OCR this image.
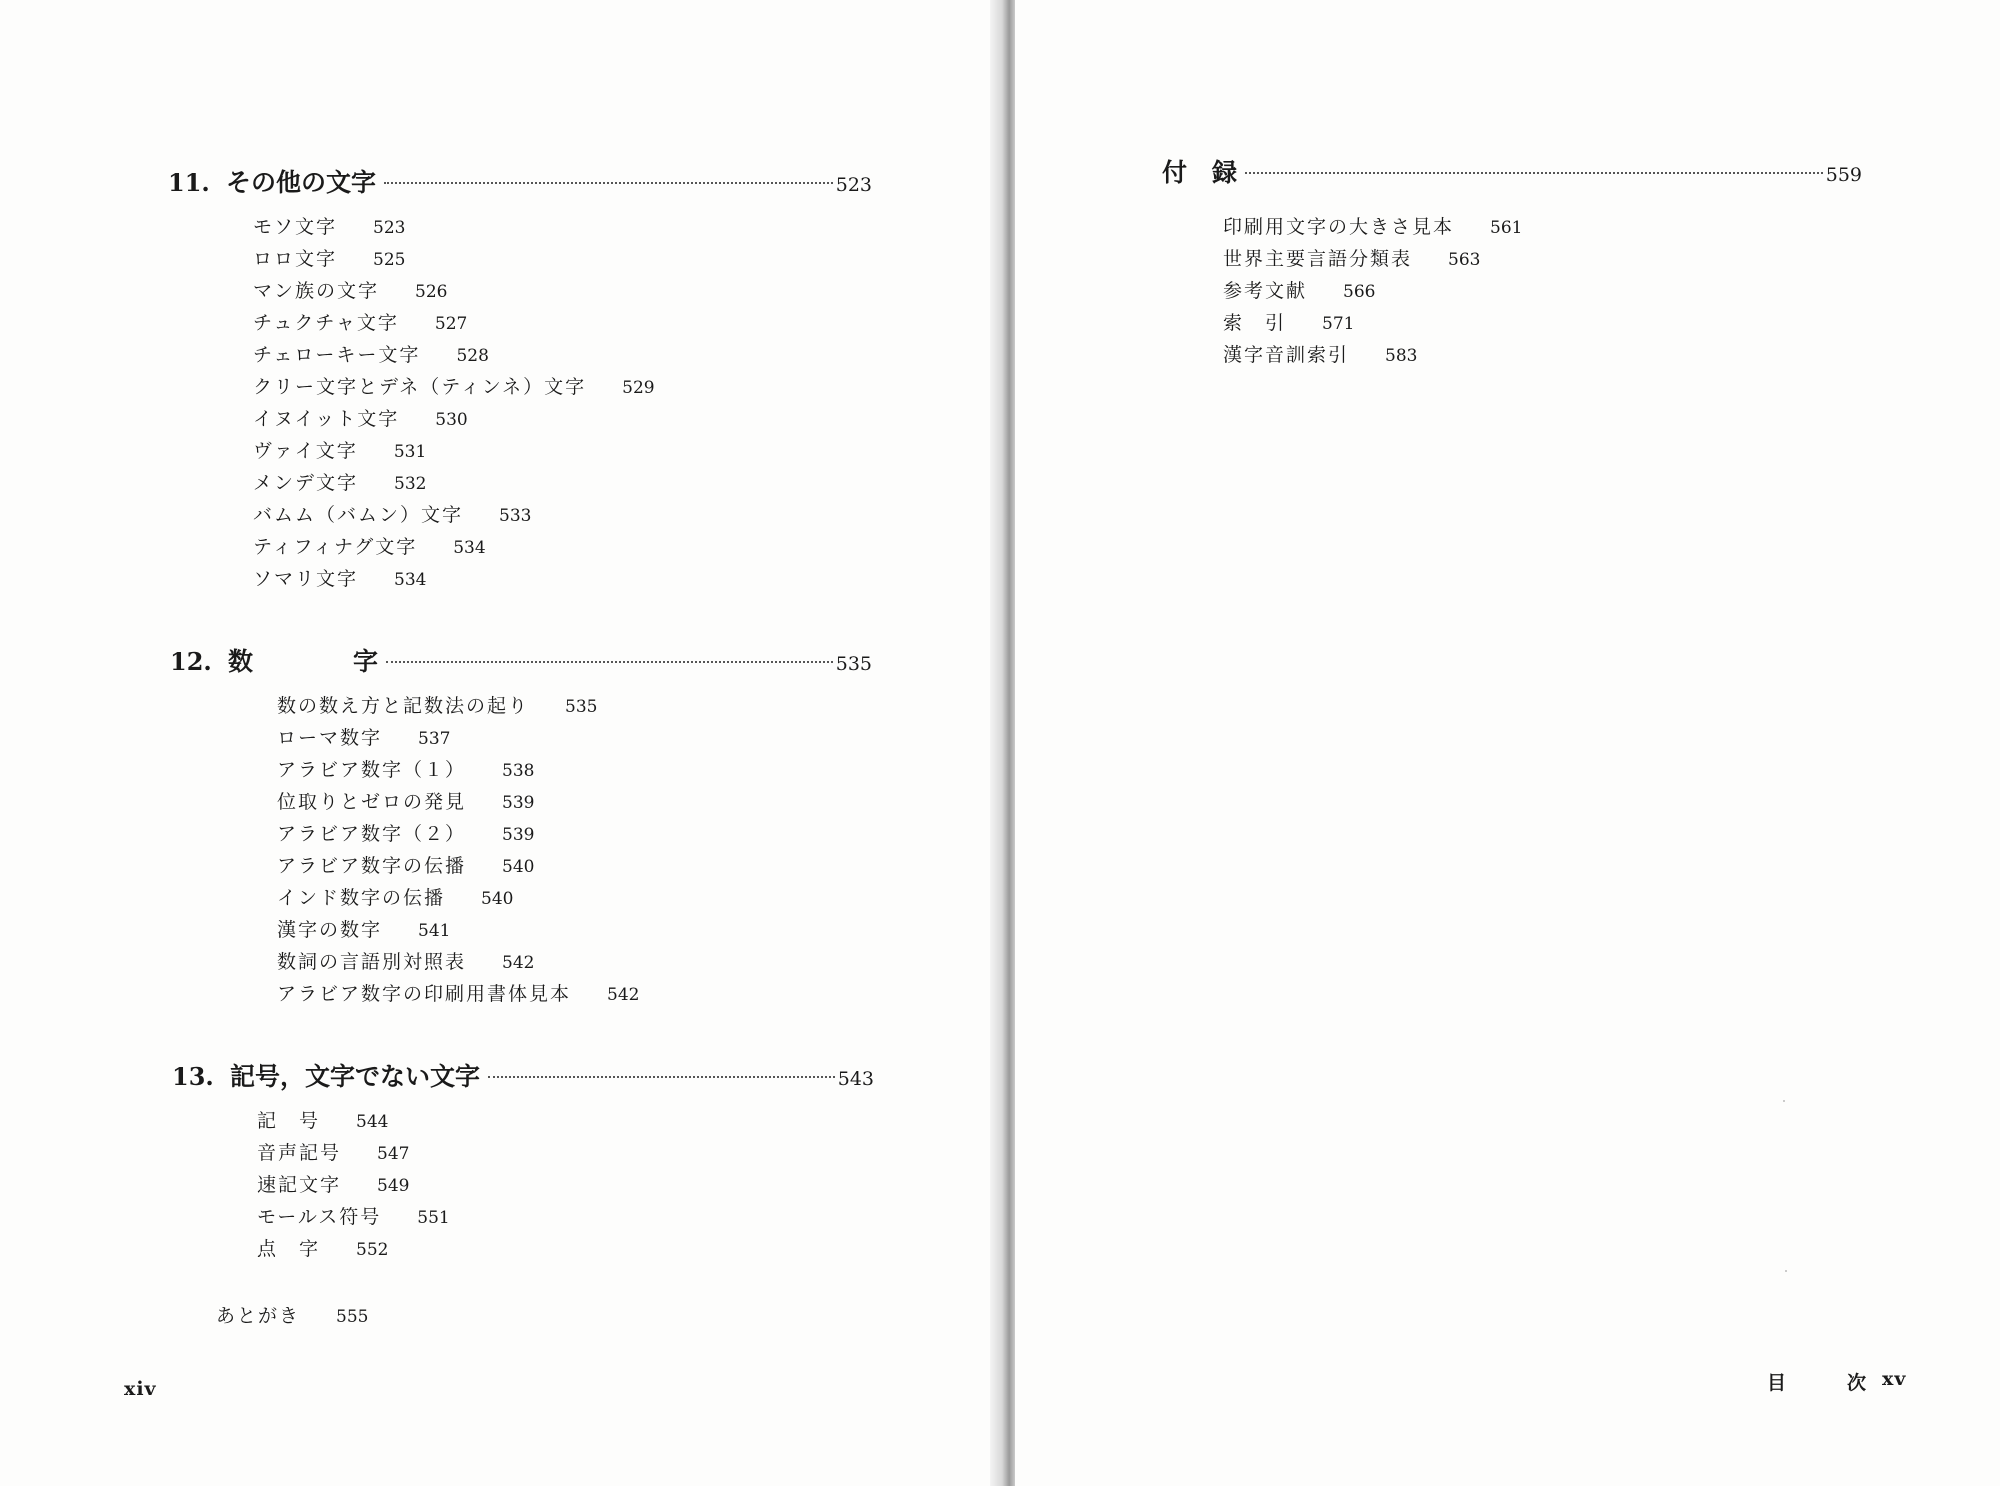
11. その他の文字	523
モソ文字 523
ロロ文字 525
マン族の文字 526
チュクチャ文字 527
チェローキー文字 528
クリー文字とデネ（ティンネ）文字 529
イヌイット文字 530
ヴァイ文字 531
メンデ文字 532
バムム（バムン）文字 533
ティフィナグ文字 534
ソマリ文字 534
12. 数　　　　字	535
数の数え方と記数法の起り 535
ローマ数字 537
アラビア数字（１） 538
位取りとゼロの発見 539
アラビア数字（２） 539
アラビア数字の伝播 540
インド数字の伝播 540
漢字の数字 541
数詞の言語別対照表 542
アラビア数字の印刷用書体見本 542
13. 記号，文字でない文字	543
記　号 544
音声記号 547
速記文字 549
モールス符号 551
点　字 552
あとがき 555
xiv
付　録	559
印刷用文字の大きさ見本 561
世界主要言語分類表 563
参考文献 566
索　引 571
漢字音訓索引 583
目　　　次 xv
